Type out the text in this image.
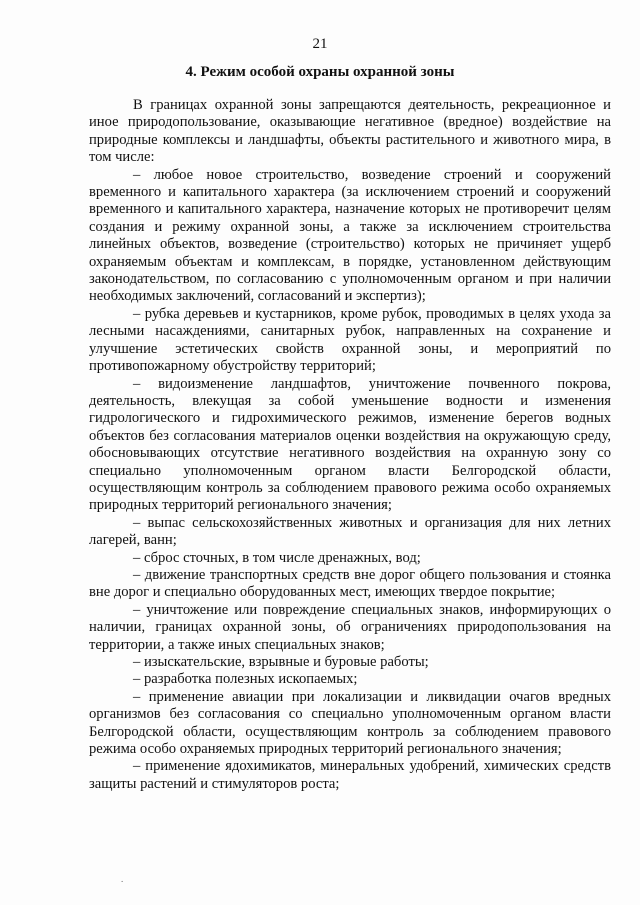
21
4. Режим особой охраны охранной зоны

В границах охранной зоны запрещаются деятельность, рекреационное и иное природопользование, оказывающие негативное (вредное) воздействие на природные комплексы и ландшафты, объекты растительного и животного мира, в том числе:

– любое новое строительство, возведение строений и сооружений временного и капитального характера (за исключением строений и сооружений временного и капитального характера, назначение которых не противоречит целям создания и режиму охранной зоны, а также за исключением строительства линейных объектов, возведение (строительство) которых не причиняет ущерб охраняемым объектам и комплексам, в порядке, установленном действующим законодательством, по согласованию с уполномоченным органом и при наличии необходимых заключений, согласований и экспертиз);

– рубка деревьев и кустарников, кроме рубок, проводимых в целях ухода за лесными насаждениями, санитарных рубок, направленных на сохранение и улучшение эстетических свойств охранной зоны, и мероприятий по противопожарному обустройству территорий;

– видоизменение ландшафтов, уничтожение почвенного покрова, деятельность, влекущая за собой уменьшение водности и изменения гидрологического и гидрохимического режимов, изменение берегов водных объектов без согласования материалов оценки воздействия на окружающую среду, обосновывающих отсутствие негативного воздействия на охранную зону со специально уполномоченным органом власти Белгородской области, осуществляющим контроль за соблюдением правового режима особо охраняемых природных территорий регионального значения;

– выпас сельскохозяйственных животных и организация для них летних лагерей, ванн;

– сброс сточных, в том числе дренажных, вод;

– движение транспортных средств вне дорог общего пользования и стоянка вне дорог и специально оборудованных мест, имеющих твердое покрытие;

– уничтожение или повреждение специальных знаков, информирующих о наличии, границах охранной зоны, об ограничениях природопользования на территории, а также иных специальных знаков;

– изыскательские, взрывные и буровые работы;

– разработка полезных ископаемых;

– применение авиации при локализации и ликвидации очагов вредных организмов без согласования со специально уполномоченным органом власти Белгородской области, осуществляющим контроль за соблюдением правового режима особо охраняемых природных территорий регионального значения;

– применение ядохимикатов, минеральных удобрений, химических средств защиты растений и стимуляторов роста;

.
